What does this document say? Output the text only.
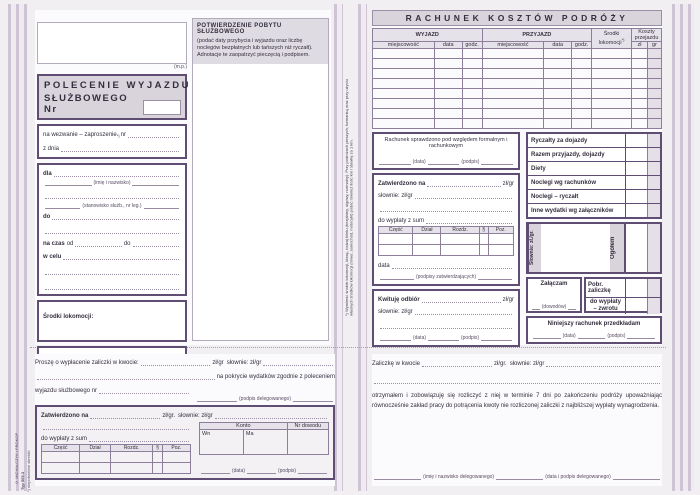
*) Wymienić środek lokomocji, klasę, rodzaj biletu (bezpłatny, ulgowy, normalny). Przy podróżach pieszych, furmanką oraz przy użyciu własnych środków lokomocji (rower, samochód, motocykl) podać również ilość km i stawkę za 1 km.
(m.p.)
POLECENIE WYJAZDU
SŁUŻBOWEGO Nr
na wezwanie – zaproszenie *) nr
z dnia
dla
(imię i nazwisko)
(stanowisko służb., nr leg.)
do
na czas od	do
w celu
Środki lokomocji:
POTWIERDZENIE POBYTU SŁUŻBOWEGO
(podać daty przybycia i wyjazdu oraz liczbę noclegów bezpłatnych lub tańszych niż ryczałt). Adnotacje te zaopatrzyć pieczęcią i podpisem.
RACHUNEK KOSZTÓW PODRÓŻY
WYJAZD			PRZYJAZD			Środki lokomocji*)	Koszty przejazdu	
miejscowość	data	godz.	miejscowość	data	godz.		zł	gr

Rachunek sprawdzono pod względem formalnym i rachunkowym
(data)	(podpis)
Zatwierdzono na	zł/gr
słownie: zł/gr
do wypłaty z sum
Część	Dział	Rozdz.	§	Poz.

data
(podpisy zatwierdzających)
Kwituję odbiór	zł/gr
słownie: zł/gr
(data)	(podpis)
Ryczałty za dojazdy
Razem przyjazdy, dojazdy
Diety
Noclegi wg rachunków
Noclegi – ryczałt
Inne wydatki wg załączników
Słownie: zł./gr.	Ogółem
Załączam
(dowodów)
Pobr. zaliczkę
do wypłaty – zwrotu
Niniejszy rachunek przedkładam
(data)	(podpis)
Proszę o wypłacenie zaliczki w kwocie:	zł/gr słownie: zł/gr
na pokrycie wydatków zgodnie z poleceniem
wyjazdu służbowego nr
(podpis delegowanego)
Zatwierdzono na	zł/gr. słownie: zł/gr
do wypłaty z sum
Część	Dział	Rozdz.	§	Poz.

Konto		Nr dowodu
Wn	Ma	
(data)	(podpis)
© MICHALCZYK i PROKOP Typ 505-3 *) niepotrzebne skreślić
Zaliczkę w kwocie	zł/gr. słownie: zł/gr
otrzymałem i zobowiązuję się rozliczyć z niej w terminie 7 dni po zakończeniu podróży upoważniając równocześnie zakład pracy do potrącenia kwoty nie rozliczonej zaliczki z najbliższej wypłaty wynagrodzenia.
(imię i nazwisko delegowanego)	(data i podpis delegowanego)
